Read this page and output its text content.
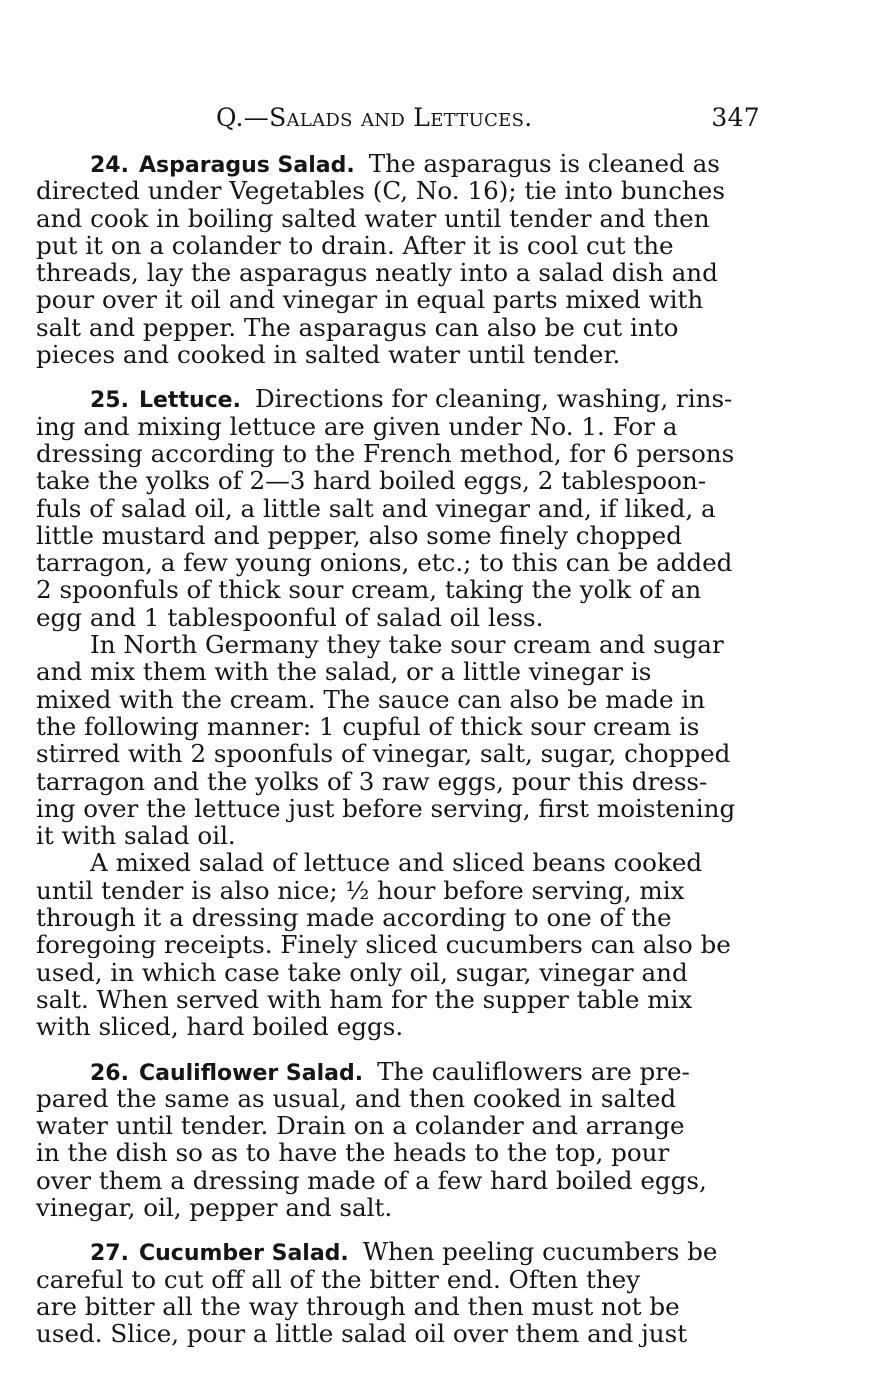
Q.—Salads and Lettuces.	347
24. Asparagus Salad. The asparagus is cleaned as
directed under Vegetables (C, No. 16); tie into bunches
and cook in boiling salted water until tender and then
put it on a colander to drain. After it is cool cut the
threads, lay the asparagus neatly into a salad dish and
pour over it oil and vinegar in equal parts mixed with
salt and pepper. The asparagus can also be cut into
pieces and cooked in salted water until tender.
25. Lettuce. Directions for cleaning, washing, rins-
ing and mixing lettuce are given under No. 1. For a
dressing according to the French method, for 6 persons
take the yolks of 2—3 hard boiled eggs, 2 tablespoon-
fuls of salad oil, a little salt and vinegar and, if liked, a
little mustard and pepper, also some finely chopped
tarragon, a few young onions, etc.; to this can be added
2 spoonfuls of thick sour cream, taking the yolk of an
egg and 1 tablespoonful of salad oil less.
In North Germany they take sour cream and sugar
and mix them with the salad, or a little vinegar is
mixed with the cream. The sauce can also be made in
the following manner: 1 cupful of thick sour cream is
stirred with 2 spoonfuls of vinegar, salt, sugar, chopped
tarragon and the yolks of 3 raw eggs, pour this dress-
ing over the lettuce just before serving, first moistening
it with salad oil.
A mixed salad of lettuce and sliced beans cooked
until tender is also nice; ½ hour before serving, mix
through it a dressing made according to one of the
foregoing receipts. Finely sliced cucumbers can also be
used, in which case take only oil, sugar, vinegar and
salt. When served with ham for the supper table mix
with sliced, hard boiled eggs.
26. Cauliflower Salad. The cauliflowers are pre-
pared the same as usual, and then cooked in salted
water until tender. Drain on a colander and arrange
in the dish so as to have the heads to the top, pour
over them a dressing made of a few hard boiled eggs,
vinegar, oil, pepper and salt.
27. Cucumber Salad. When peeling cucumbers be
careful to cut off all of the bitter end. Often they
are bitter all the way through and then must not be
used. Slice, pour a little salad oil over them and just
